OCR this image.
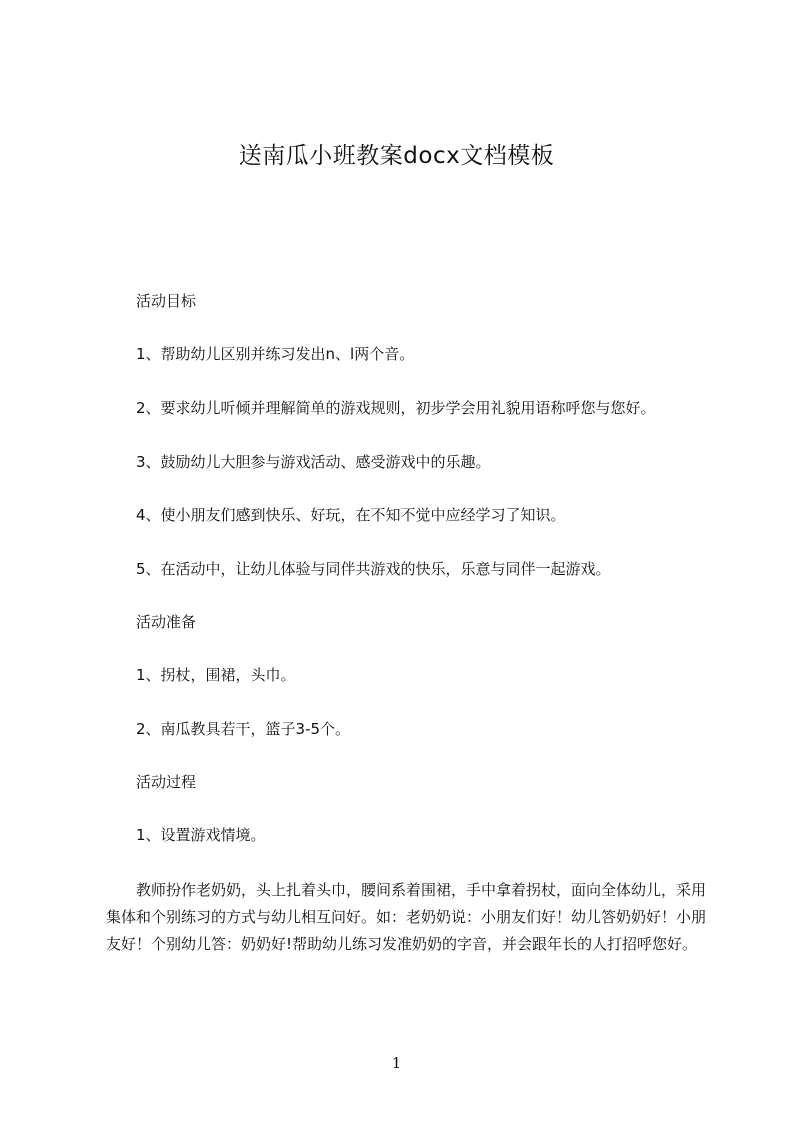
送南瓜小班教案docx文档模板
活动目标
1、帮助幼儿区别并练习发出n、l两个音。
2、要求幼儿听倾并理解简单的游戏规则，初步学会用礼貌用语称呼您与您好。
3、鼓励幼儿大胆参与游戏活动、感受游戏中的乐趣。
4、使小朋友们感到快乐、好玩，在不知不觉中应经学习了知识。
5、在活动中，让幼儿体验与同伴共游戏的快乐，乐意与同伴一起游戏。
活动准备
1、拐杖，围裙，头巾。
2、南瓜教具若干，篮子3-5个。
活动过程
1、设置游戏情境。
教师扮作老奶奶，头上扎着头巾，腰间系着围裙，手中拿着拐杖，面向全体幼儿，采用集体和个别练习的方式与幼儿相互问好。如：老奶奶说：小朋友们好！幼儿答奶奶好！小朋友好！个别幼儿答：奶奶好!帮助幼儿练习发准奶奶的字音，并会跟年长的人打招呼您好。
1
